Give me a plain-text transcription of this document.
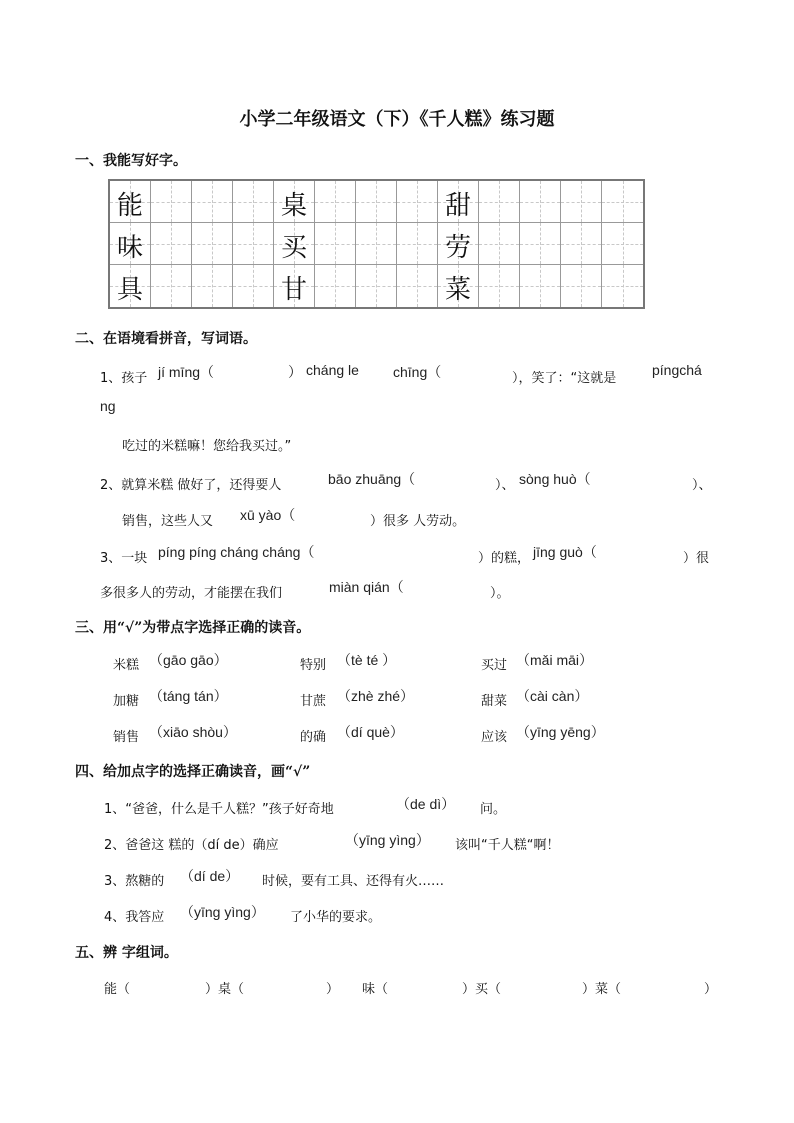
小学二年级语文（下）《千人糕》练习题
一、我能写好字。
能	桌	甜
味	买	劳
具	甘	菜
二、在语境看拼音，写词语。
1、孩子 jí mīng（	） cháng le chīng（	），笑了：“这就是
píngchá
ng
吃过的米糕嘛！您给我买过。”
2、就算米糕 做好了，还得要人	bāo zhuāng（	）、 sòng huò（	）、
销售，这些人又 xū yào（	）很多 人劳动。
3、一块 píng píng cháng cháng（	）的糕， jīng guò（	）很
多很多人的劳动，才能摆在我们	miàn qián（	）。
三、用“√”为带点字选择正确的读音。
米糕 （gāo gāo）	特别 （tè té ）	买过 （mǎi māi）
加糖 （táng tán）	甘蔗 （zhè zhé）	甜菜 （cài càn）
销售 （xiāo shòu）	的确 （dí què）	应该 （yīng yēng）
四、给加点字的选择正确读音，画“√”
1、“爸爸，什么是千人糕？”孩子好奇地	（de dì） 问。
2、爸爸这 糕的（dí de）确应	（yīng yìng） 该叫“千人糕“啊！
3、熬糖的 （dí de） 时候，要有工具、还得有火……
4、我答应 （yīng yìng） 了小华的要求。
五、辨 字组词。
能（	）桌（	） 味（	）买（	）菜（	）
